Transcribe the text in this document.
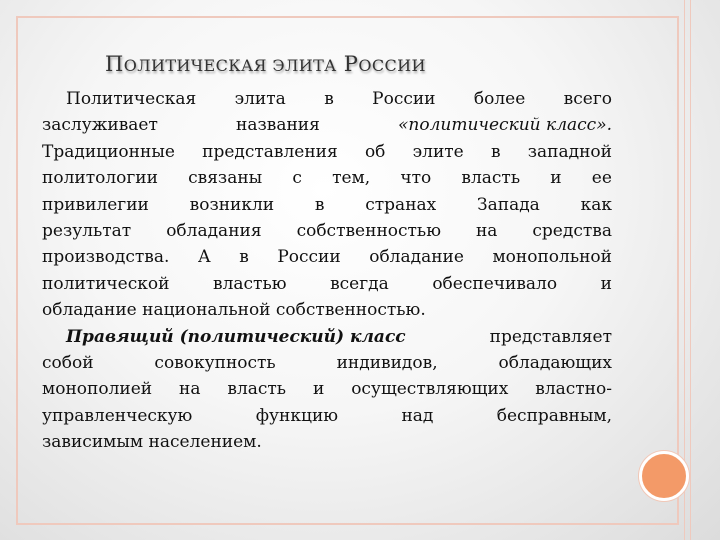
ПОЛИТИЧЕСКАЯ ЭЛИТА РОССИИ
Политическая элита в России более всего
заслуживает	названия	«политический класс».
Традиционные представления об элите в западной
политологии связаны с тем, что власть и ее
привилегии возникли в странах Запада как
результат обладания собственностью на средства
производства. А в России обладание монопольной
политической	властью	всегда	обеспечивало	и
обладание национальной собственностью.
Правящий (политический) класс	представляет
собой	совокупность	индивидов,	обладающих
монополией на власть и осуществляющих властно-
управленческую	функцию	над	бесправным,
зависимым населением.
